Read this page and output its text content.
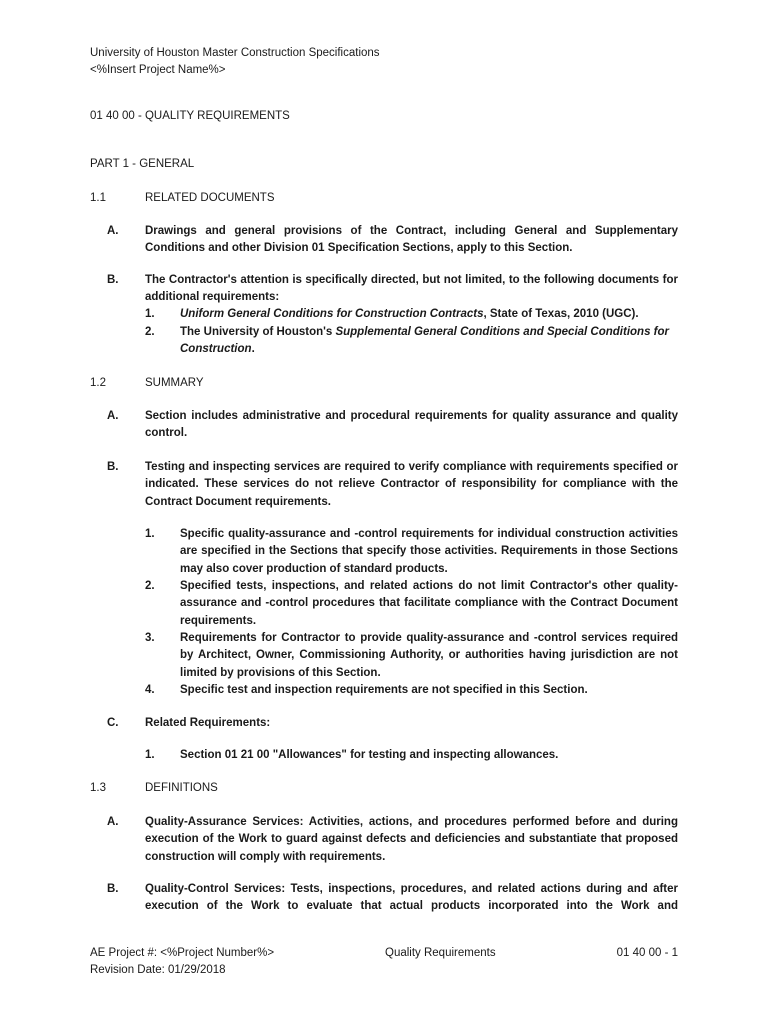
University of Houston Master Construction Specifications
<%Insert Project Name%>
01 40 00 - QUALITY REQUIREMENTS
PART 1 - GENERAL
1.1	RELATED DOCUMENTS
A. Drawings and general provisions of the Contract, including General and Supplementary Conditions and other Division 01 Specification Sections, apply to this Section.
B. The Contractor's attention is specifically directed, but not limited, to the following documents for additional requirements:
1. Uniform General Conditions for Construction Contracts, State of Texas, 2010 (UGC).
2. The University of Houston's Supplemental General Conditions and Special Conditions for Construction.
1.2	SUMMARY
A. Section includes administrative and procedural requirements for quality assurance and quality control.
B. Testing and inspecting services are required to verify compliance with requirements specified or indicated. These services do not relieve Contractor of responsibility for compliance with the Contract Document requirements.
1. Specific quality-assurance and -control requirements for individual construction activities are specified in the Sections that specify those activities. Requirements in those Sections may also cover production of standard products.
2. Specified tests, inspections, and related actions do not limit Contractor's other quality-assurance and -control procedures that facilitate compliance with the Contract Document requirements.
3. Requirements for Contractor to provide quality-assurance and -control services required by Architect, Owner, Commissioning Authority, or authorities having jurisdiction are not limited by provisions of this Section.
4. Specific test and inspection requirements are not specified in this Section.
C. Related Requirements:
1. Section 01 21 00 "Allowances" for testing and inspecting allowances.
1.3	DEFINITIONS
A. Quality-Assurance Services: Activities, actions, and procedures performed before and during execution of the Work to guard against defects and deficiencies and substantiate that proposed construction will comply with requirements.
B. Quality-Control Services: Tests, inspections, procedures, and related actions during and after execution of the Work to evaluate that actual products incorporated into the Work and
AE Project #: <%Project Number%>
Revision Date: 01/29/2018
Quality Requirements	01 40 00 - 1
